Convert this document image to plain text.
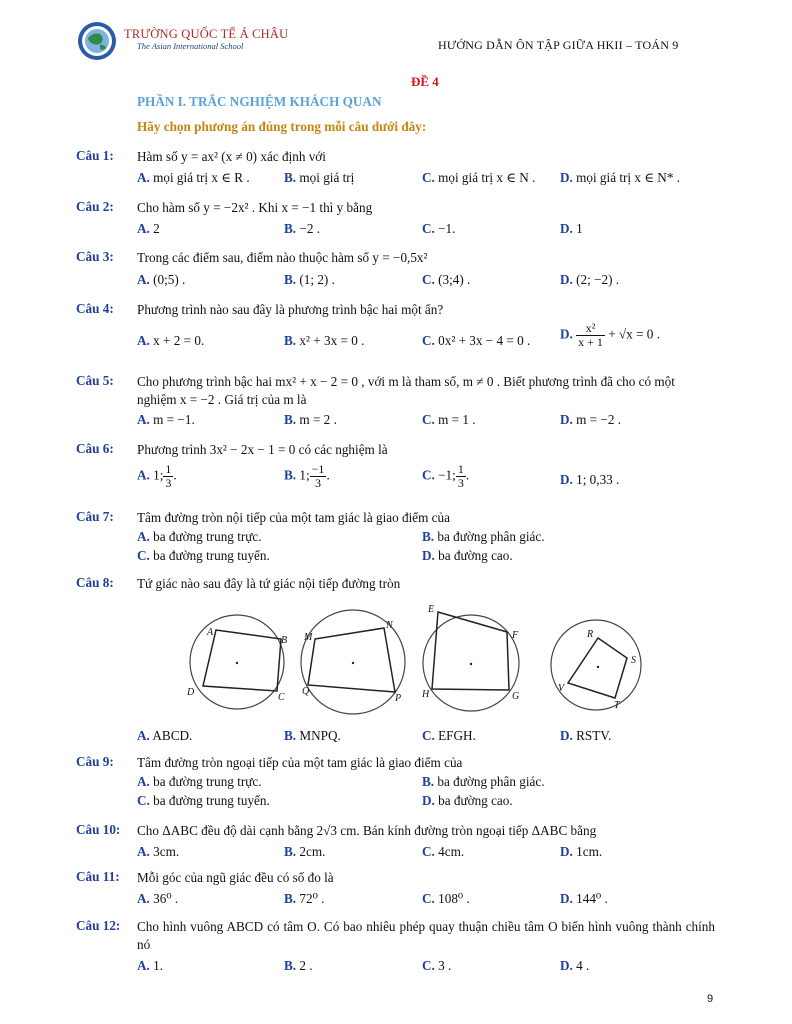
TRƯỜNG QUỐC TẾ Á CHÂU
The Asian International School	HƯỚNG DẪN ÔN TẬP GIỮA HKII – TOÁN 9
ĐỀ 4
PHẦN I. TRẮC NGHIỆM KHÁCH QUAN
Hãy chọn phương án đúng trong mỗi câu dưới đây:
Câu 1: Hàm số y = ax² (x ≠ 0) xác định với
A. mọi giá trị x ∈ R .	B. mọi giá trị	C. mọi giá trị x ∈ N . D. mọi giá trị x ∈ N* .
Câu 2: Cho hàm số y = −2x² . Khi x = −1 thì y bằng
A. 2	B. −2 .	C. −1.	D. 1
Câu 3: Trong các điểm sau, điểm nào thuộc hàm số y = −0,5x²
A. (0;5) .	B. (1; 2) .	C. (3;4) .	D. (2; −2) .
Câu 4: Phương trình nào sau đây là phương trình bậc hai một ẩn?
A. x + 2 = 0.	B. x² + 3x = 0 .	C. 0x² + 3x − 4 = 0 . D. $\frac{\text{x²}}{x + 1} + √x = 0$ .
Câu 5: Cho phương trình bậc hai mx² + x − 2 = 0 , với m là tham số, m ≠ 0 . Biết phương trình đã cho có một nghiệm x = −2 . Giá trị của m là
A. m = −1.	B. m = 2 .	C. m = 1 .	D. m = −2 .
Câu 6: Phương trình 3x² − 2x − 1 = 0 có các nghiệm là
A. 1; $\frac{1}{3}$ .	B. 1; $\frac{-1}{3}$ .	C. −1; $\frac{1}{3}$ .	D. 1; 0,33 .
Câu 7: Tâm đường tròn nội tiếp của một tam giác là giao điểm của
A. ba đường trung trực.	B. ba đường phân giác.
C. ba đường trung tuyến.	D. ba đường cao.
Câu 8: Tứ giác nào sau đây là tứ giác nội tiếp đường tròn
A
B
C
D
M
N
P
Q
E
F
G
H
R
S
T
V
A. ABCD.	B. MNPQ.	C. EFGH.	D. RSTV.
Câu 9: Tâm đường tròn ngoại tiếp của một tam giác là giao điểm của
A. ba đường trung trực.	B. ba đường phân giác.
C. ba đường trung tuyến.	D. ba đường cao.
Câu 10: Cho ΔABC đều độ dài cạnh bằng 2√3 cm. Bán kính đường tròn ngoại tiếp ΔABC bằng
A. 3cm.	B. 2cm.	C. 4cm.	D. 1cm.
Câu 11: Mỗi góc của ngũ giác đều có số đo là
A. 36⁰ .	B. 72⁰ .	C. 108⁰ .	D. 144⁰ .
Câu 12: Cho hình vuông ABCD có tâm O. Có bao nhiêu phép quay thuận chiều tâm O biến hình vuông thành chính nó
A. 1.	B. 2 .	C. 3 .	D. 4 .
9
